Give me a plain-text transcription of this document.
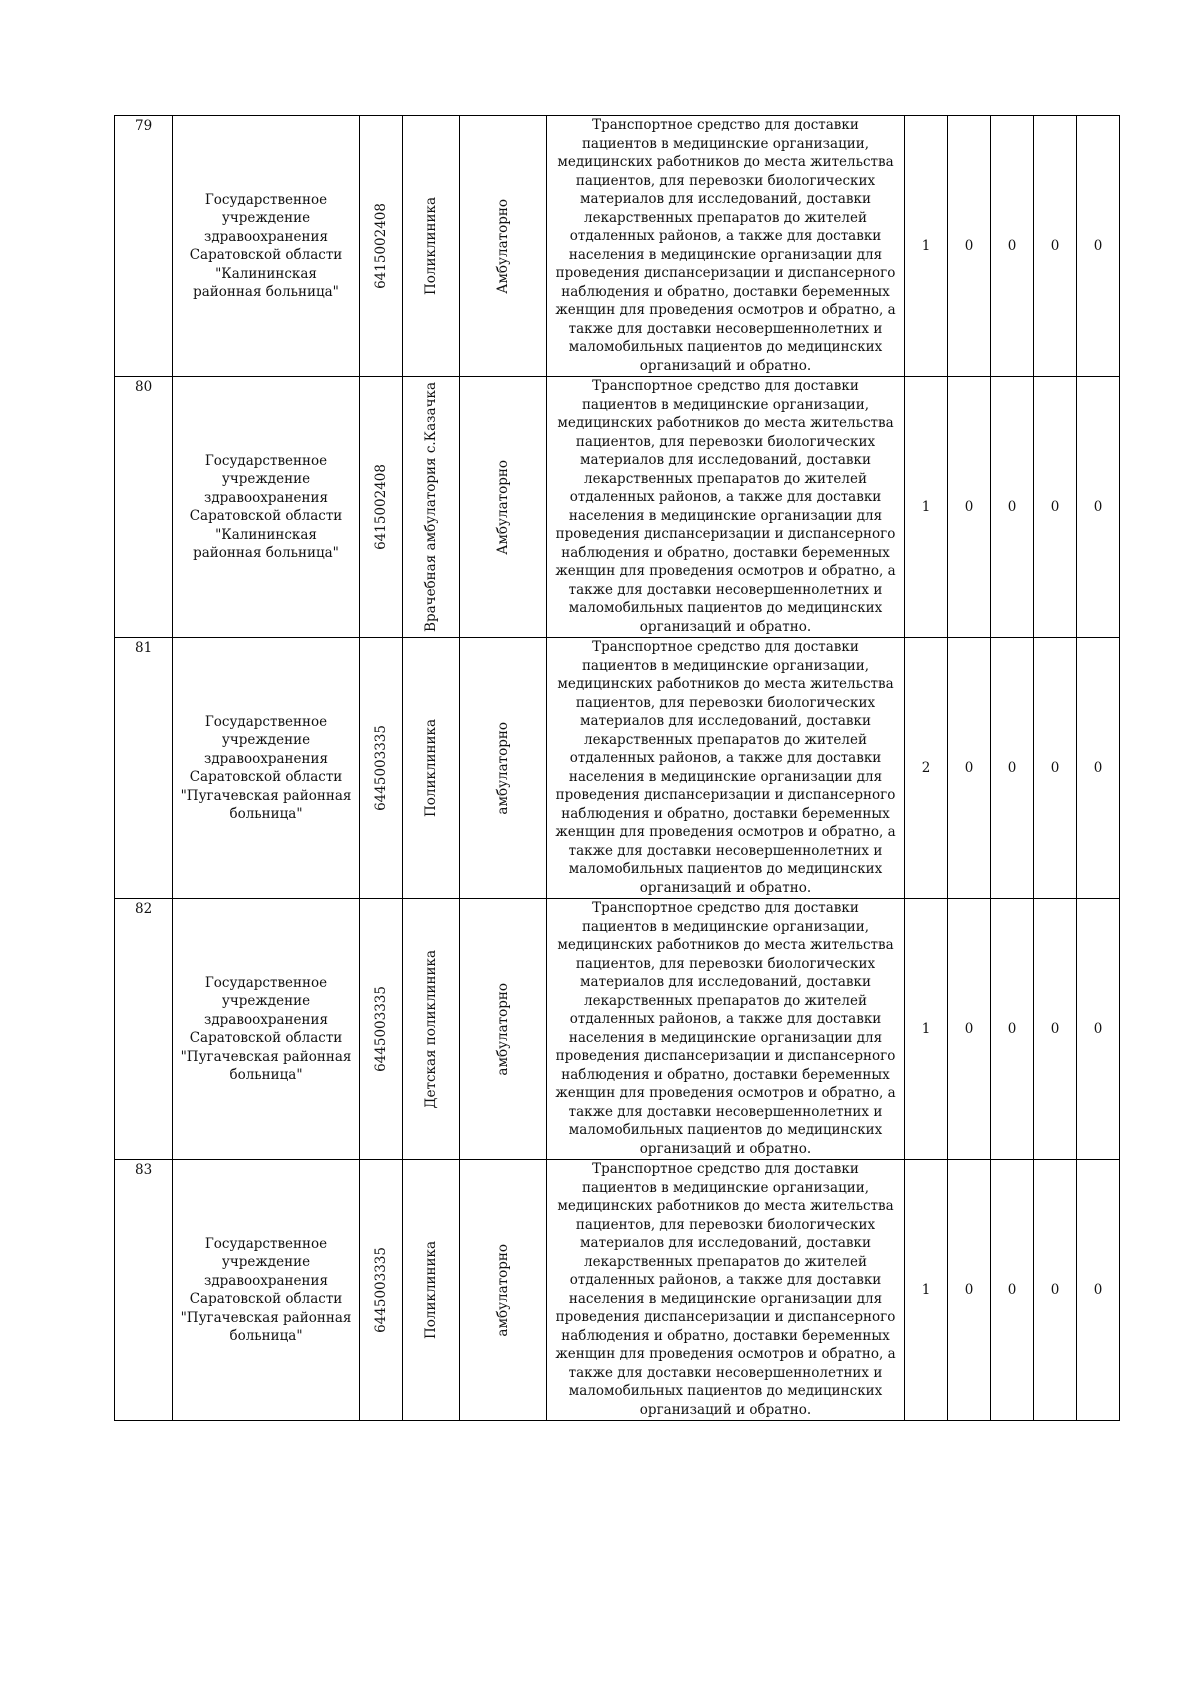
79	Государственное учреждение здравоохранения Саратовской области "Калининская районная больница"	6415002408	Поликлиника	Амбулаторно	Транспортное средство для доставки пациентов в медицинские организации, медицинских работников до места жительства пациентов, для перевозки биологических материалов для исследований, доставки лекарственных препаратов до жителей отдаленных районов, а также для доставки населения в медицинские организации для проведения диспансеризации и диспансерного наблюдения и обратно, доставки беременных женщин для проведения осмотров и обратно, а также для доставки несовершеннолетних и маломобильных пациентов до медицинских организаций и обратно.	1	0	0	0	0
80	Государственное учреждение здравоохранения Саратовской области "Калининская районная больница"	6415002408	Врачебная амбулатория с.Казачка	Амбулаторно	Транспортное средство для доставки пациентов в медицинские организации, медицинских работников до места жительства пациентов, для перевозки биологических материалов для исследований, доставки лекарственных препаратов до жителей отдаленных районов, а также для доставки населения в медицинские организации для проведения диспансеризации и диспансерного наблюдения и обратно, доставки беременных женщин для проведения осмотров и обратно, а также для доставки несовершеннолетних и маломобильных пациентов до медицинских организаций и обратно.	1	0	0	0	0
81	Государственное учреждение здравоохранения Саратовской области "Пугачевская районная больница"	6445003335	Поликлиника	амбулаторно	Транспортное средство для доставки пациентов в медицинские организации, медицинских работников до места жительства пациентов, для перевозки биологических материалов для исследований, доставки лекарственных препаратов до жителей отдаленных районов, а также для доставки населения в медицинские организации для проведения диспансеризации и диспансерного наблюдения и обратно, доставки беременных женщин для проведения осмотров и обратно, а также для доставки несовершеннолетних и маломобильных пациентов до медицинских организаций и обратно.	2	0	0	0	0
82	Государственное учреждение здравоохранения Саратовской области "Пугачевская районная больница"	6445003335	Детская поликлиника	амбулаторно	Транспортное средство для доставки пациентов в медицинские организации, медицинских работников до места жительства пациентов, для перевозки биологических материалов для исследований, доставки лекарственных препаратов до жителей отдаленных районов, а также для доставки населения в медицинские организации для проведения диспансеризации и диспансерного наблюдения и обратно, доставки беременных женщин для проведения осмотров и обратно, а также для доставки несовершеннолетних и маломобильных пациентов до медицинских организаций и обратно.	1	0	0	0	0
83	Государственное учреждение здравоохранения Саратовской области "Пугачевская районная больница"	6445003335	Поликлиника	амбулаторно	Транспортное средство для доставки пациентов в медицинские организации, медицинских работников до места жительства пациентов, для перевозки биологических материалов для исследований, доставки лекарственных препаратов до жителей отдаленных районов, а также для доставки населения в медицинские организации для проведения диспансеризации и диспансерного наблюдения и обратно, доставки беременных женщин для проведения осмотров и обратно, а также для доставки несовершеннолетних и маломобильных пациентов до медицинских организаций и обратно.	1	0	0	0	0
